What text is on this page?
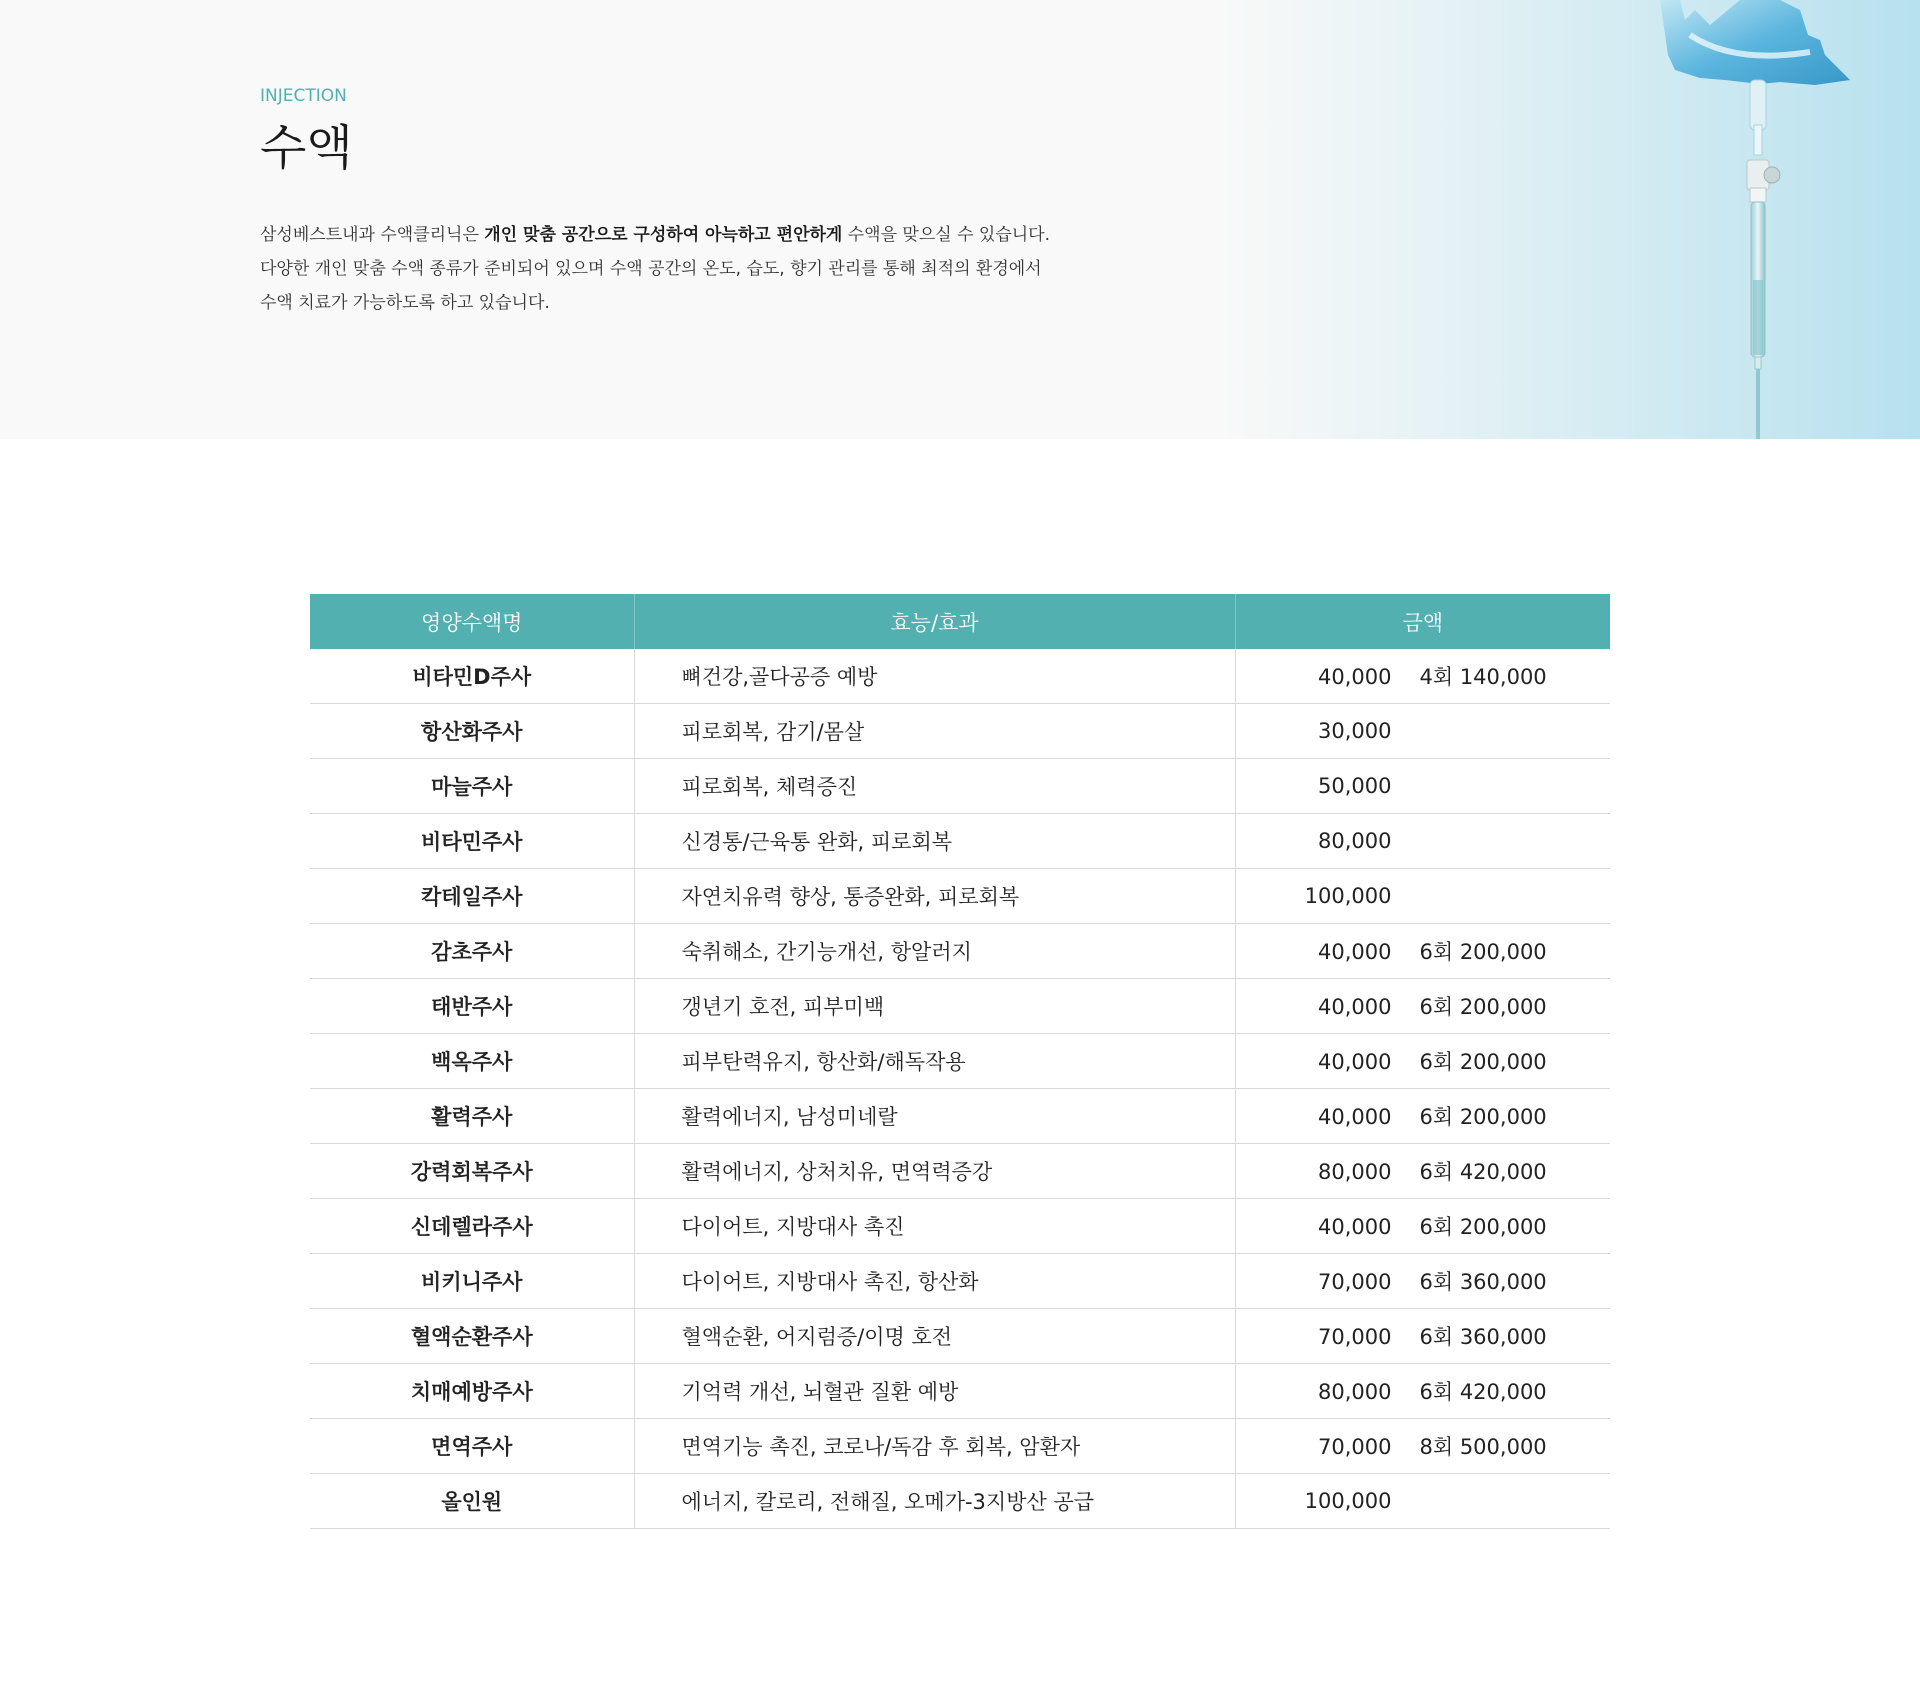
INJECTION
수액
삼성베스트내과 수액클리닉은 개인 맞춤 공간으로 구성하여 아늑하고 편안하게 수액을 맞으실 수 있습니다.
다양한 개인 맞춤 수액 종류가 준비되어 있으며 수액 공간의 온도, 습도, 향기 관리를 통해 최적의 환경에서
수액 치료가 가능하도록 하고 있습니다.
영양수액명	효능/효과	금액
비타민D주사	뼈건강,골다공증 예방	40,000 4회 140,000
항산화주사	피로회복, 감기/몸살	30,000
마늘주사	피로회복, 체력증진	50,000
비타민주사	신경통/근육통 완화, 피로회복	80,000
칵테일주사	자연치유력 향상, 통증완화, 피로회복	100,000
감초주사	숙취해소, 간기능개선, 항알러지	40,000 6회 200,000
태반주사	갱년기 호전, 피부미백	40,000 6회 200,000
백옥주사	피부탄력유지, 항산화/해독작용	40,000 6회 200,000
활력주사	활력에너지, 남성미네랄	40,000 6회 200,000
강력회복주사	활력에너지, 상처치유, 면역력증강	80,000 6회 420,000
신데렐라주사	다이어트, 지방대사 촉진	40,000 6회 200,000
비키니주사	다이어트, 지방대사 촉진, 항산화	70,000 6회 360,000
혈액순환주사	혈액순환, 어지럼증/이명 호전	70,000 6회 360,000
치매예방주사	기억력 개선, 뇌혈관 질환 예방	80,000 6회 420,000
면역주사	면역기능 촉진, 코로나/독감 후 회복, 암환자	70,000 8회 500,000
올인원	에너지, 칼로리, 전해질, 오메가-3지방산 공급	100,000
